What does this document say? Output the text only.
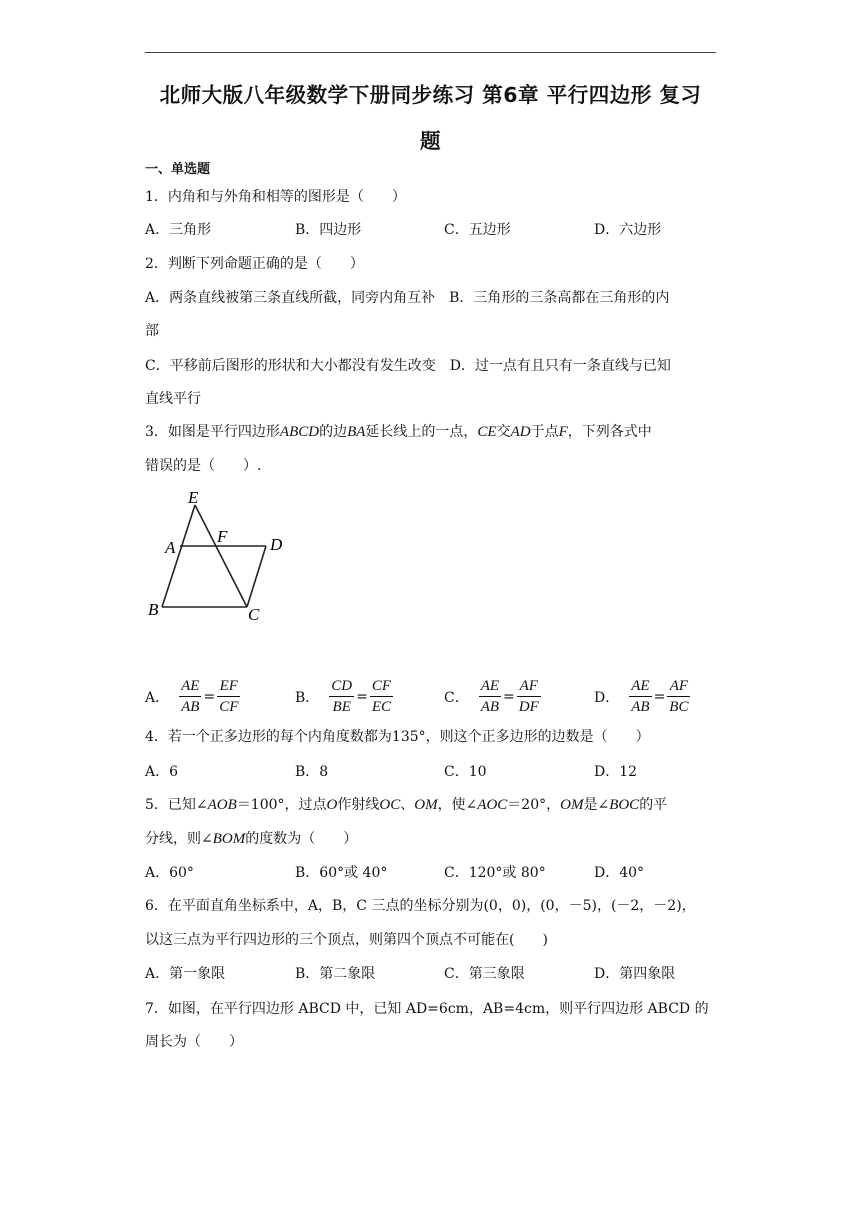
北师大版八年级数学下册同步练习 第6章 平行四边形 复习
题
一、单选题
1．内角和与外角和相等的图形是（　　）
A．三角形	B．四边形	C．五边形	D．六边形
2．判断下列命题正确的是（　　）
A．两条直线被第三条直线所截，同旁内角互补　B．三角形的三条高都在三角形的内
部
C．平移前后图形的形状和大小都没有发生改变　D．过一点有且只有一条直线与已知
直线平行
3．如图是平行四边形ABCD的边BA延长线上的一点，CE交AD于点F，下列各式中
错误的是（　　）.
E
A
F	D
B	C
A． $\frac{AE}{AB} = \frac{EF}{CF}$	B． $\frac{CD}{BE} = \frac{CF}{EC}$	C． $\frac{AE}{AB} = \frac{AF}{DF}$	D． $\frac{AE}{AB} = \frac{AF}{BC}$
4．若一个正多边形的每个内角度数都为135°，则这个正多边形的边数是（　　）
A．6	B．8	C．10	D．12
5．已知∠AOB＝100°，过点O作射线OC、OM，使∠AOC＝20°，OM是∠BOC的平
分线，则∠BOM的度数为（　　）
A．60°	B．60°或 40°	C．120°或 80°	D．40°
6．在平面直角坐标系中，A，B，C 三点的坐标分别为(0，0)，(0，－5)，(－2，－2)，
以这三点为平行四边形的三个顶点，则第四个顶点不可能在(　　)
A．第一象限	B．第二象限	C．第三象限	D．第四象限
7．如图，在平行四边形 ABCD 中，已知 AD=6cm，AB=4cm，则平行四边形 ABCD 的
周长为（　　）
